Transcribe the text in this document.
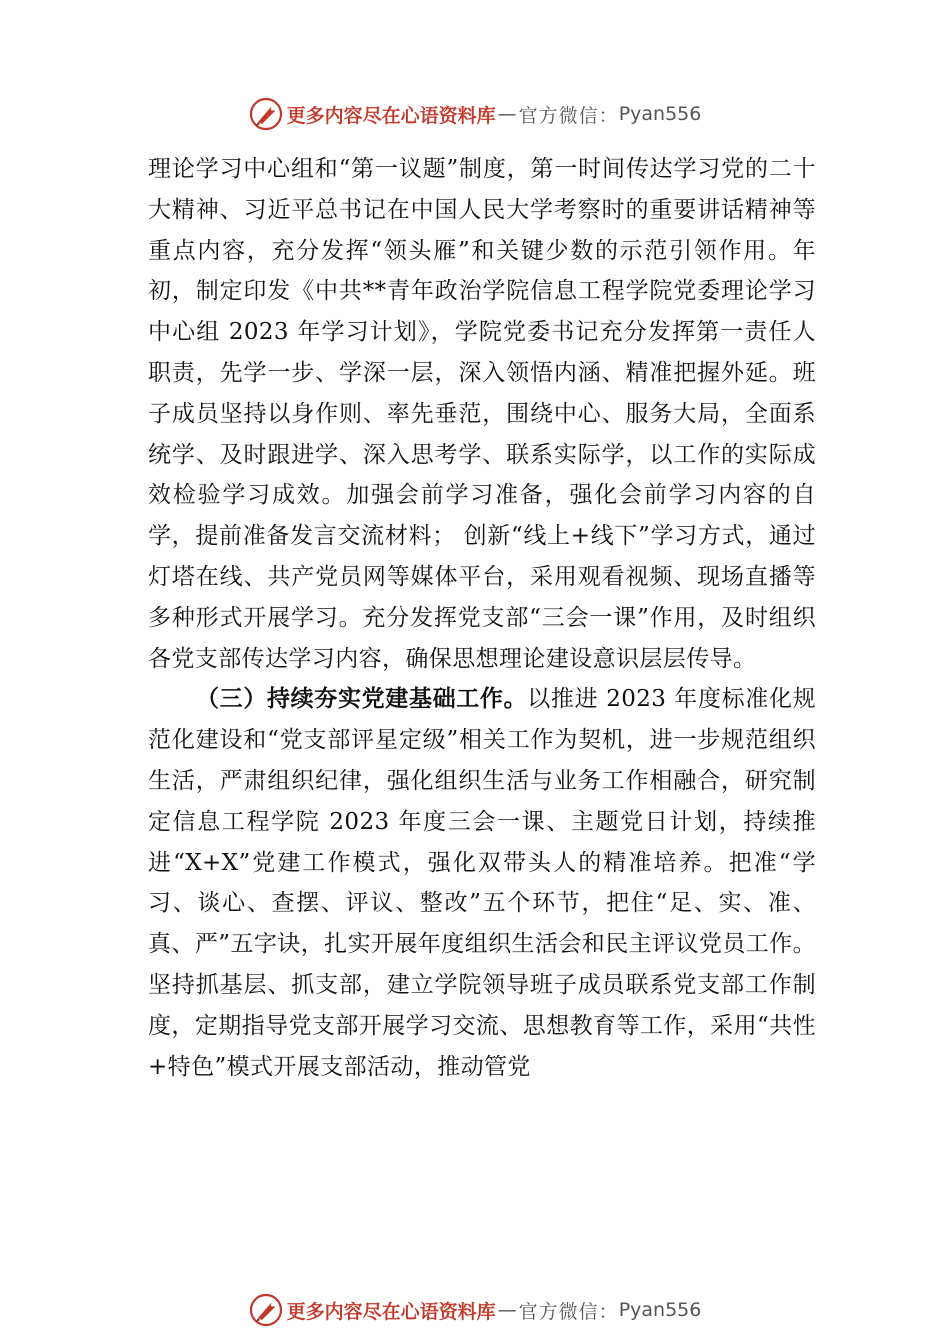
更多内容尽在心语资料库 — 官方微信： Pyan556

理论学习中心组和“第一议题”制度，第一时间传达学习党的二十大精神、习近平总书记在中国人民大学考察时的重要讲话精神等重点内容，充分发挥“领头雁”和关键少数的示范引领作用。年初，制定印发《中共**青年政治学院信息工程学院党委理论学习中心组 2023 年学习计划》，学院党委书记充分发挥第一责任人职责，先学一步、学深一层，深入领悟内涵、精准把握外延。班子成员坚持以身作则、率先垂范，围绕中心、服务大局，全面系统学、及时跟进学、深入思考学、联系实际学，以工作的实际成效检验学习成效。加强会前学习准备，强化会前学习内容的自学，提前准备发言交流材料； 创新“线上+线下”学习方式，通过灯塔在线、共产党员网等媒体平台，采用观看视频、现场直播等多种形式开展学习。充分发挥党支部“三会一课”作用，及时组织各党支部传达学习内容，确保思想理论建设意识层层传导。

（三）持续夯实党建基础工作。以推进 2023 年度标准化规范化建设和“党支部评星定级”相关工作为契机，进一步规范组织生活，严肃组织纪律，强化组织生活与业务工作相融合，研究制定信息工程学院 2023 年度三会一课、主题党日计划，持续推进“X+X”党建工作模式，强化双带头人的精准培养。把准“学习、谈心、查摆、评议、整改”五个环节，把住“足、实、准、真、严”五字诀，扎实开展年度组织生活会和民主评议党员工作。坚持抓基层、抓支部，建立学院领导班子成员联系党支部工作制度，定期指导党支部开展学习交流、思想教育等工作，采用“共性+特色”模式开展支部活动，推动管党

更多内容尽在心语资料库 — 官方微信： Pyan556
